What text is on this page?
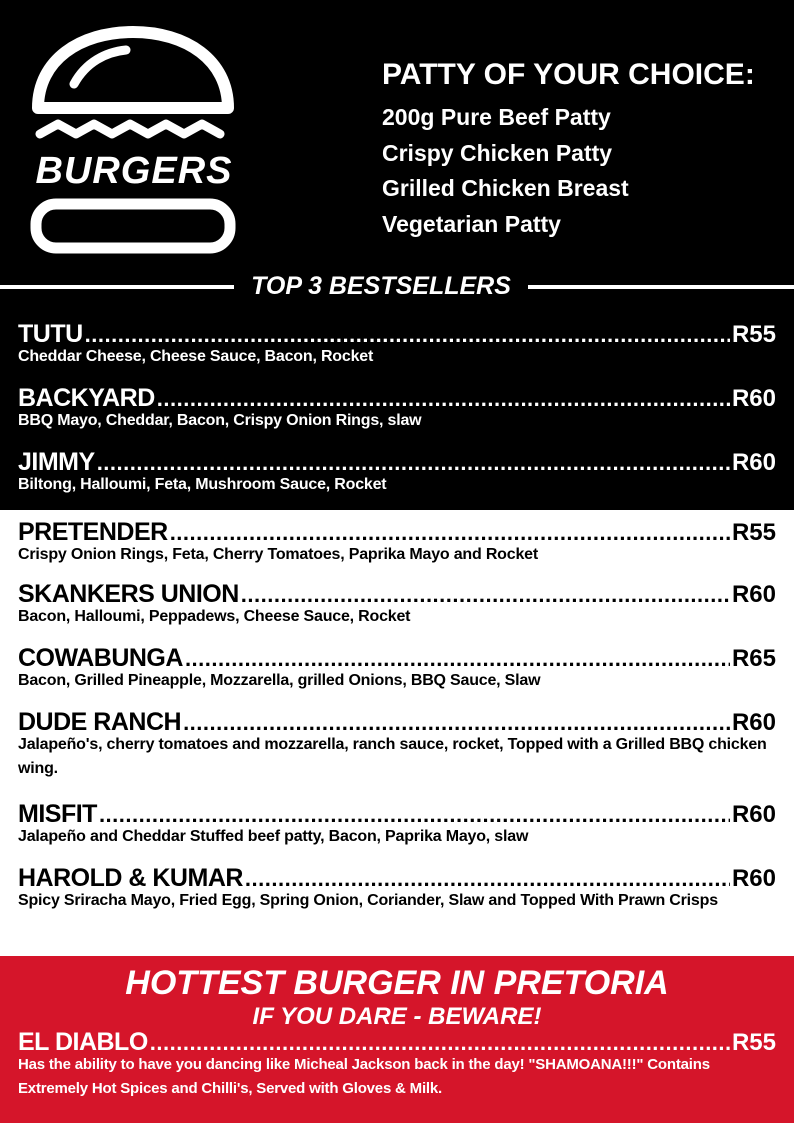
BURGERS
PATTY OF YOUR CHOICE:
200g Pure Beef Patty
Crispy Chicken Patty
Grilled Chicken Breast
Vegetarian Patty
TOP 3 BESTSELLERS
TUTU .....	R55
Cheddar Cheese, Cheese Sauce, Bacon, Rocket
BACKYARD .....	R60
BBQ Mayo, Cheddar, Bacon, Crispy Onion Rings, slaw
JIMMY .....	R60
Biltong, Halloumi, Feta, Mushroom Sauce, Rocket
PRETENDER .....	R55
Crispy Onion Rings, Feta, Cherry Tomatoes, Paprika Mayo and Rocket
SKANKERS UNION .....	R60
Bacon, Halloumi, Peppadews, Cheese Sauce, Rocket
COWABUNGA .....	R65
Bacon, Grilled Pineapple, Mozzarella, grilled Onions, BBQ Sauce, Slaw
DUDE RANCH .....	R60
Jalapeño's, cherry tomatoes and mozzarella, ranch sauce, rocket, Topped with a Grilled BBQ chicken wing.
MISFIT .....	R60
Jalapeño and Cheddar Stuffed beef patty, Bacon, Paprika Mayo, slaw
HAROLD & KUMAR .....	R60
Spicy Sriracha Mayo, Fried Egg, Spring Onion, Coriander, Slaw and Topped With Prawn Crisps
HOTTEST BURGER IN PRETORIA
IF YOU DARE - BEWARE!
EL DIABLO .....	R55
Has the ability to have you dancing like Micheal Jackson back in the day! "SHAMOANA!!!" Contains Extremely Hot Spices and Chilli's, Served with Gloves & Milk.
